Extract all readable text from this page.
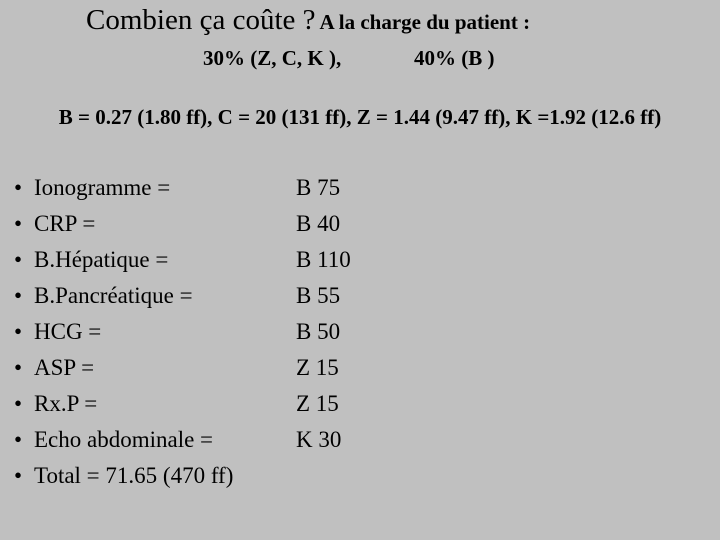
Combien ça coûte ? A la charge du patient :
30% (Z, C, K ),	40% (B )
B = 0.27 (1.80 ff), C = 20 (131 ff), Z = 1.44 (9.47 ff), K =1.92 (12.6 ff)
• Ionogramme =	B 75
• CRP =	B 40
• B.Hépatique =	B 110
• B.Pancréatique =	B 55
• HCG =	B 50
• ASP =	Z 15
• Rx.P =	Z 15
• Echo abdominale =	K 30
• Total = 71.65 (470 ff)
